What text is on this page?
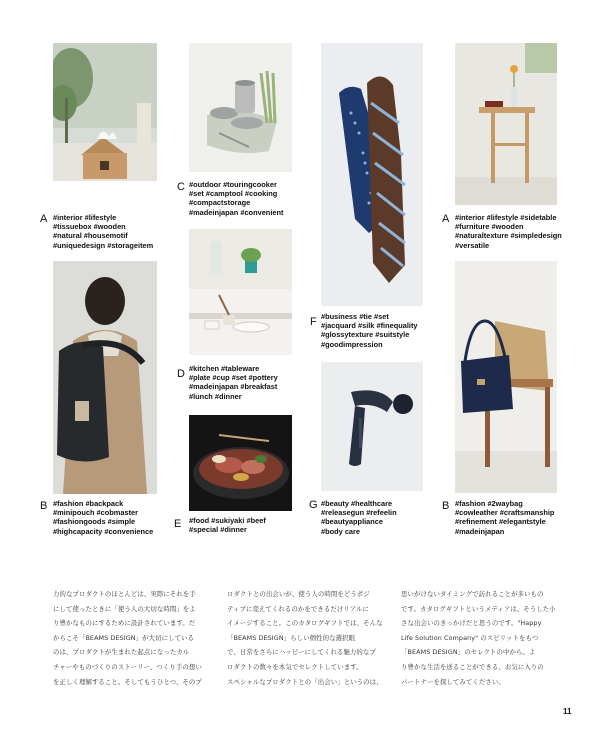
A #interior #lifestyle
#tissuebox #wooden
#natural #housemotif
#uniquedesign #storageitem
B #fashion #backpack
#minipouch #cobmaster
#fashiongoods #simple
#highcapacity #convenience
C #outdoor #touringcooker
#set #camptool #cooking
#compactstorage
#madeinjapan #convenient
D #kitchen #tableware
#plate #cup #set #pottery
#madeinjapan #breakfast
#lunch #dinner
E #food #sukiyaki #beef
#special #dinner
F #business #tie #set
#jacquard #silk #finequality
#glossytexture #suitstyle
#goodimpression
G #beauty #healthcare
#releasegun #refeelin
#beautyappliance
#body care
A #interior #lifestyle #sidetable
#furniture #wooden
#naturaltexture #simpledesign
#versatile
B #fashion #2waybag
#cowleather #craftsmanship
#refinement #elegantstyle
#madeinjapan
力的なプロダクトのほとんどは、実際にそれを手
にして使ったときに「使う人の大切な時間」をよ
り豊かなものにするために設計されています。だ
からこそ「BEAMS DESIGN」が大切にしている
のは、プロダクトが生まれた起点になったカル
チャーやものづくりのストーリー、つくり手の想い
を正しく理解すること。そしてもうひとつ、そのプ
ロダクトとの出会いが、使う人の時間をどうポジ
ティブに変えてくれるのかをできるだけリアルに
イメージすること。このカタログギフトでは、そんな
「BEAMS DESIGN」らしい個性的な選択眼
で、日常をさらにハッピーにしてくれる魅力的なプ
ロダクトの数々を本気でセレクトしています。
スペシャルなプロダクトとの「出会い」というのは、
思いがけないタイミングで訪れることが多いもの
です。カタログギフトというメディアは、そうした小
さな出会いのきっかけだと思うのです。"Happy
Life Solution Company" のスピリットをもつ
「BEAMS DESIGN」のセレクトの中から、よ
り豊かな生活を送ることができる、お気に入りの
パートナーを探してみてください。
11
